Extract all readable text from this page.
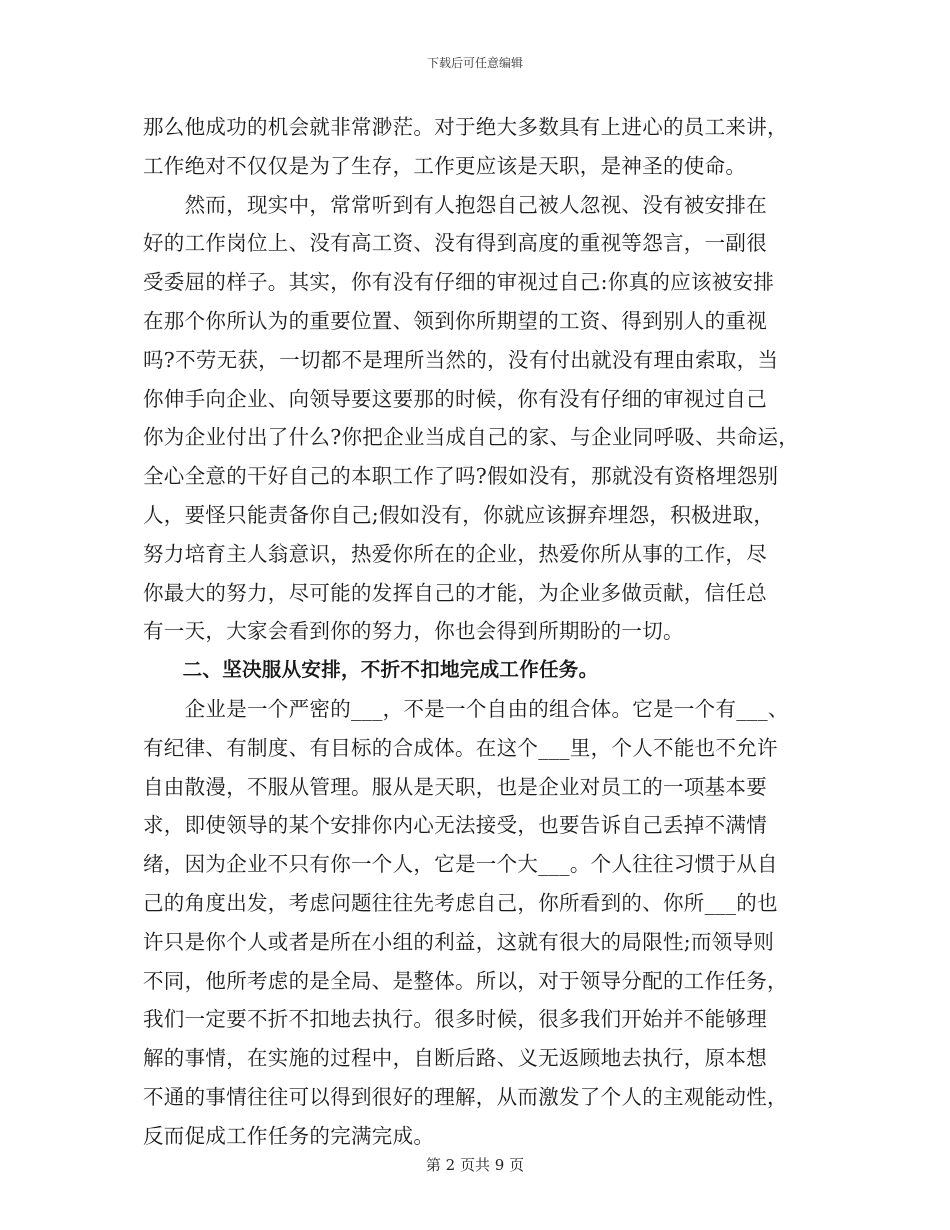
下载后可任意编辑
那么他成功的机会就非常渺茫。对于绝大多数具有上进心的员工来讲，
工作绝对不仅仅是为了生存，工作更应该是天职，是神圣的使命。
　　然而，现实中，常常听到有人抱怨自己被人忽视、没有被安排在
好的工作岗位上、没有高工资、没有得到高度的重视等怨言，一副很
受委屈的样子。其实，你有没有仔细的审视过自己:你真的应该被安排
在那个你所认为的重要位置、领到你所期望的工资、得到别人的重视
吗?不劳无获，一切都不是理所当然的，没有付出就没有理由索取，当
你伸手向企业、向领导要这要那的时候，你有没有仔细的审视过自己
你为企业付出了什么?你把企业当成自己的家、与企业同呼吸、共命运，
全心全意的干好自己的本职工作了吗?假如没有，那就没有资格埋怨别
人，要怪只能责备你自己;假如没有，你就应该摒弃埋怨，积极进取，
努力培育主人翁意识，热爱你所在的企业，热爱你所从事的工作，尽
你最大的努力，尽可能的发挥自己的才能，为企业多做贡献，信任总
有一天，大家会看到你的努力，你也会得到所期盼的一切。
　　二、坚决服从安排，不折不扣地完成工作任务。
　　企业是一个严密的___，不是一个自由的组合体。它是一个有___、
有纪律、有制度、有目标的合成体。在这个___里，个人不能也不允许
自由散漫，不服从管理。服从是天职，也是企业对员工的一项基本要
求，即使领导的某个安排你内心无法接受，也要告诉自己丢掉不满情
绪，因为企业不只有你一个人，它是一个大___。个人往往习惯于从自
己的角度出发，考虑问题往往先考虑自己，你所看到的、你所___的也
许只是你个人或者是所在小组的利益，这就有很大的局限性;而领导则
不同，他所考虑的是全局、是整体。所以，对于领导分配的工作任务，
我们一定要不折不扣地去执行。很多时候，很多我们开始并不能够理
解的事情，在实施的过程中，自断后路、义无返顾地去执行，原本想
不通的事情往往可以得到很好的理解，从而激发了个人的主观能动性，
反而促成工作任务的完满完成。
第 2 页共 9 页
